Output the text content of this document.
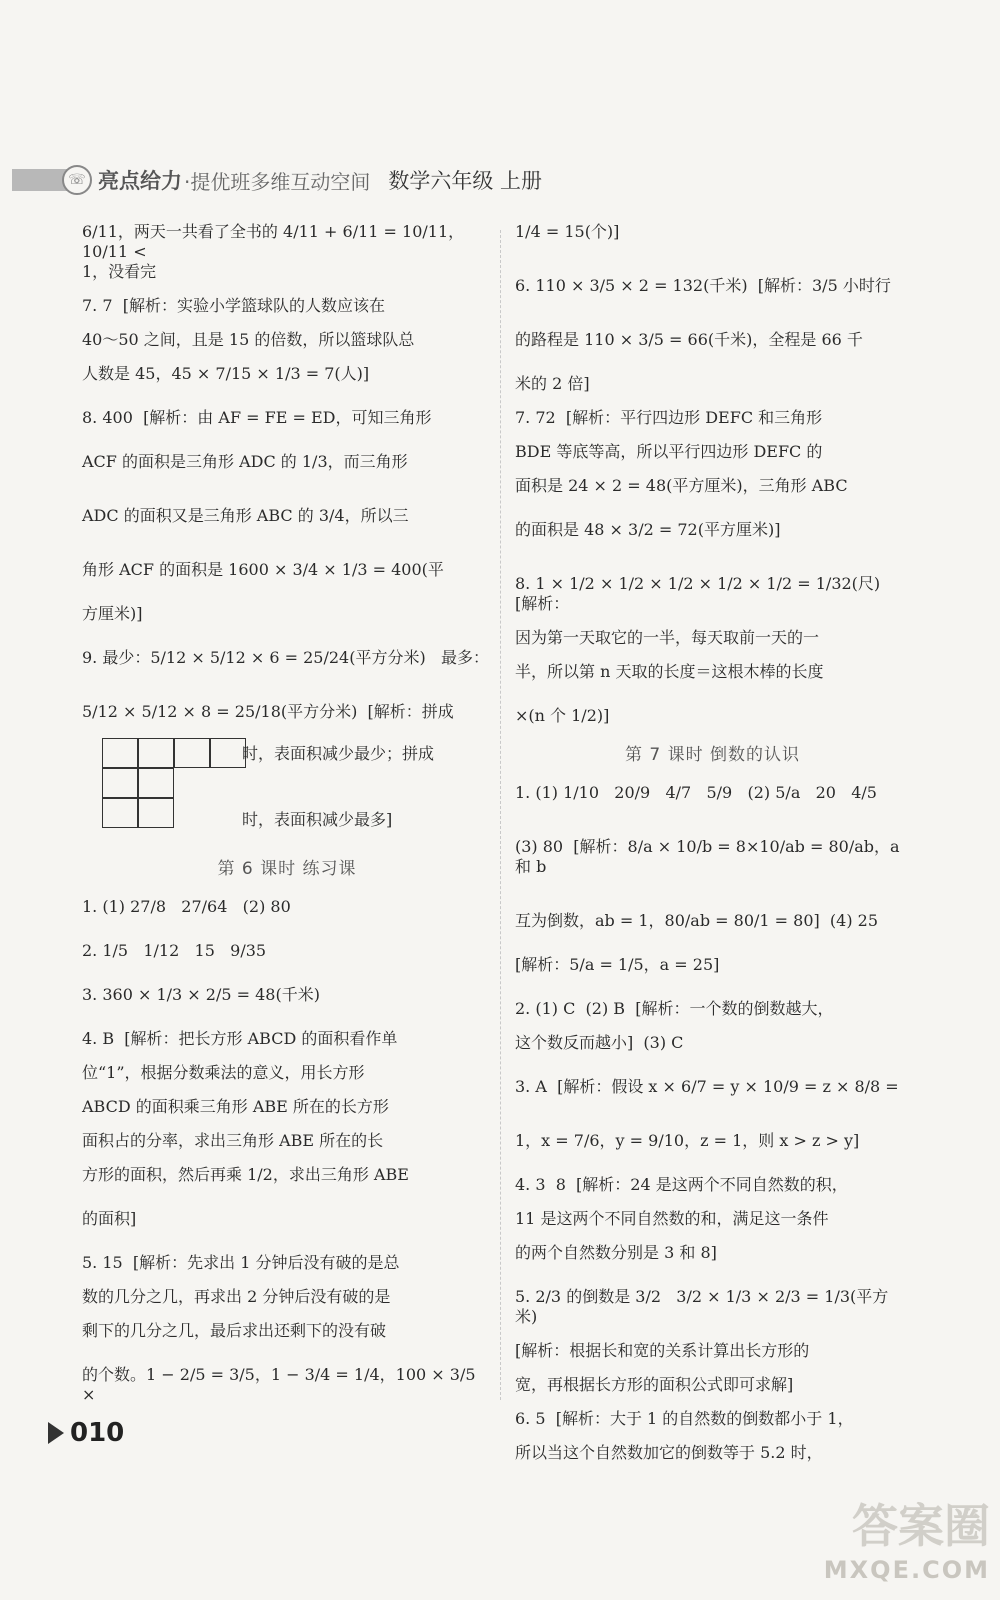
☏ 亮点给力 ·提优班多维互动空间 数学六年级 上册

6/11，两天一共看了全书的 4/11 + 6/11 = 10/11，10/11 <

1，没看完

7. 7  [解析：实验小学篮球队的人数应该在

40～50 之间，且是 15 的倍数，所以篮球队总

人数是 45，45 × 7/15 × 1/3 = 7(人)]

8. 400  [解析：由 AF = FE = ED，可知三角形

ACF 的面积是三角形 ADC 的 1/3，而三角形

ADC 的面积又是三角形 ABC 的 3/4，所以三

角形 ACF 的面积是 1600 × 3/4 × 1/3 = 400(平

方厘米)]

9. 最少：5/12 × 5/12 × 6 = 25/24(平方分米)   最多：

5/12 × 5/12 × 8 = 25/18(平方分米)  [解析：拼成

时，表面积减少最少；拼成

时，表面积减少最多]

第 6 课时 练习课

1. (1) 27/8   27/64   (2) 80

2. 1/5   1/12   15   9/35

3. 360 × 1/3 × 2/5 = 48(千米)

4. B  [解析：把长方形 ABCD 的面积看作单

位“1”，根据分数乘法的意义，用长方形

ABCD 的面积乘三角形 ABE 所在的长方形

面积占的分率，求出三角形 ABE 所在的长

方形的面积，然后再乘 1/2，求出三角形 ABE

的面积]

5. 15  [解析：先求出 1 分钟后没有破的是总

数的几分之几，再求出 2 分钟后没有破的是

剩下的几分之几，最后求出还剩下的没有破

的个数。1 − 2/5 = 3/5，1 − 3/4 = 1/4，100 × 3/5 ×

1/4 = 15(个)]

6. 110 × 3/5 × 2 = 132(千米)  [解析：3/5 小时行

的路程是 110 × 3/5 = 66(千米)，全程是 66 千

米的 2 倍]

7. 72  [解析：平行四边形 DEFC 和三角形

BDE 等底等高，所以平行四边形 DEFC 的

面积是 24 × 2 = 48(平方厘米)，三角形 ABC

的面积是 48 × 3/2 = 72(平方厘米)]

8. 1 × 1/2 × 1/2 × 1/2 × 1/2 × 1/2 = 1/32(尺)  [解析：

因为第一天取它的一半，每天取前一天的一

半，所以第 n 天取的长度＝这根木棒的长度

×(n 个 1/2)]

第 7 课时 倒数的认识

1. (1) 1/10   20/9   4/7   5/9   (2) 5/a   20   4/5

(3) 80  [解析：8/a × 10/b = 8×10/ab = 80/ab，a 和 b

互为倒数，ab = 1，80/ab = 80/1 = 80]  (4) 25

[解析：5/a = 1/5，a = 25]

2. (1) C  (2) B  [解析：一个数的倒数越大，

这个数反而越小]  (3) C

3. A  [解析：假设 x × 6/7 = y × 10/9 = z × 8/8 =

1，x = 7/6，y = 9/10，z = 1，则 x > z > y]

4. 3  8  [解析：24 是这两个不同自然数的积，

11 是这两个不同自然数的和，满足这一条件

的两个自然数分别是 3 和 8]

5. 2/3 的倒数是 3/2   3/2 × 1/3 × 2/3 = 1/3(平方米)

[解析：根据长和宽的关系计算出长方形的

宽，再根据长方形的面积公式即可求解]

6. 5  [解析：大于 1 的自然数的倒数都小于 1，

所以当这个自然数加它的倒数等于 5.2 时，

010
答案圈
MXQE.COM
